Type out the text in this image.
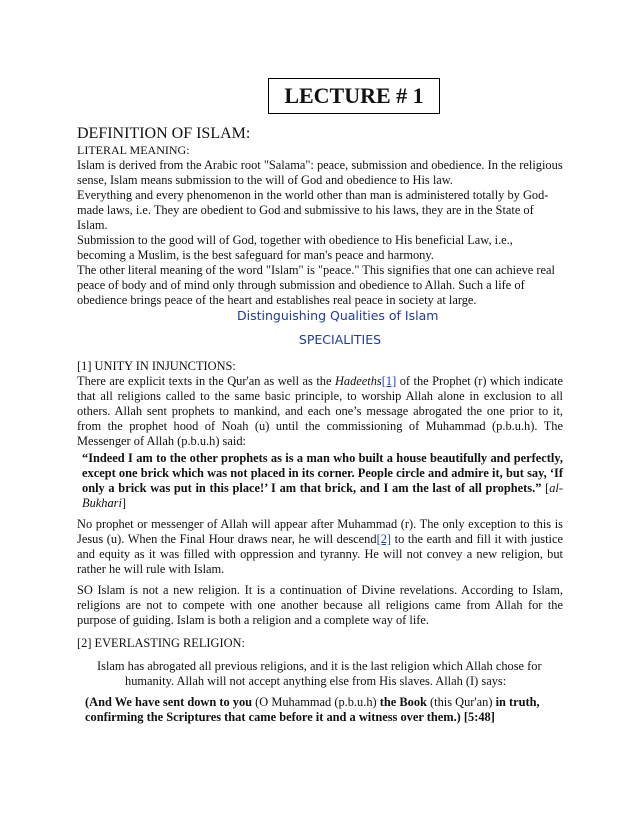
LECTURE # 1

DEFINITION OF ISLAM:

LITERAL MEANING:

Islam is derived from the Arabic root "Salama": peace, submission and obedience. In the religious sense, Islam means submission to the will of God and obedience to His law.

Everything and every phenomenon in the world other than man is administered totally by God-made laws, i.e. They are obedient to God and submissive to his laws, they are in the State of Islam.

Submission to the good will of God, together with obedience to His beneficial Law, i.e., becoming a Muslim, is the best safeguard for man's peace and harmony.

The other literal meaning of the word "Islam" is "peace." This signifies that one can achieve real peace of body and of mind only through submission and obedience to Allah. Such a life of obedience brings peace of the heart and establishes real peace in society at large.

Distinguishing Qualities of Islam

SPECIALITIES

[1] UNITY IN INJUNCTIONS:

There are explicit texts in the Qur'an as well as the Hadeeths[1] of the Prophet (r) which indicate that all religions called to the same basic principle, to worship Allah alone in exclusion to all others. Allah sent prophets to mankind, and each one’s message abrogated the one prior to it, from the prophet hood of Noah (u) until the commissioning of Muhammad (p.b.u.h). The Messenger of Allah (p.b.u.h) said:

“Indeed I am to the other prophets as is a man who built a house beautifully and perfectly, except one brick which was not placed in its corner. People circle and admire it, but say, ‘If only a brick was put in this place!’ I am that brick, and I am the last of all prophets.” [al-Bukhari]

No prophet or messenger of Allah will appear after Muhammad (r). The only exception to this is Jesus (u). When the Final Hour draws near, he will descend[2] to the earth and fill it with justice and equity as it was filled with oppression and tyranny. He will not convey a new religion, but rather he will rule with Islam.

SO Islam is not a new religion. It is a continuation of Divine revelations. According to Islam, religions are not to compete with one another because all religions came from Allah for the purpose of guiding. Islam is both a religion and a complete way of life.

[2] EVERLASTING RELIGION:

Islam has abrogated all previous religions, and it is the last religion which Allah chose for

humanity. Allah will not accept anything else from His slaves. Allah (I) says:

(And We have sent down to you (O Muhammad (p.b.u.h) the Book (this Qur'an) in truth, confirming the Scriptures that came before it and a witness over them.) [5:48]
